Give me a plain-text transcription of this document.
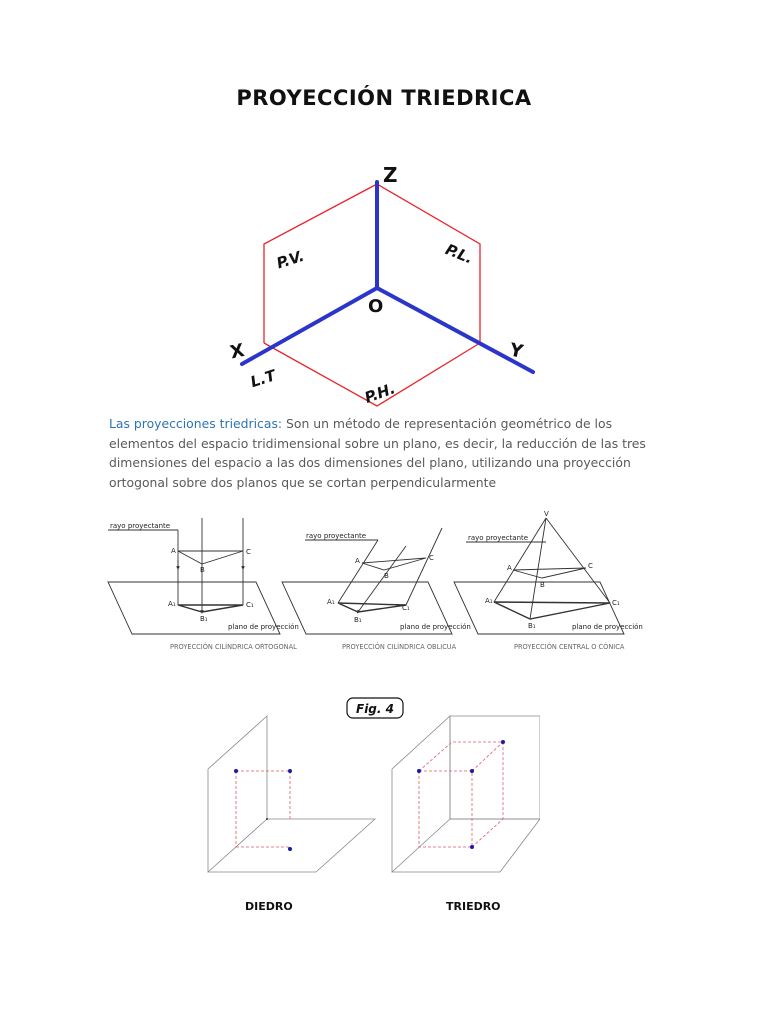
PROYECCIÓN TRIEDRICA
Z
X	Y
O
P.V.	P.L.
P.H.
L.T
Las proyecciones triedricas: Son un método de representación geométrico de los elementos del espacio tridimensional sobre un plano, es decir, la reducción de las tres dimensiones del espacio a las dos dimensiones del plano, utilizando una proyección ortogonal sobre dos planos que se cortan perpendicularmente
rayo proyectante
rayo proyectante	rayo proyectante
plano de proyección	plano de proyección	plano de proyección
A
B
C
A₁
B₁
C₁
A
B
C
A₁
B₁
C₁
V
A
B
C
A₁
B₁
C₁
PROYECCIÓN CILÍNDRICA ORTOGONAL	PROYECCIÓN CILÍNDRICA OBLICUA	PROYECCIÓN CENTRAL O CÓNICA
Fig. 4
DIEDRO	TRIEDRO
